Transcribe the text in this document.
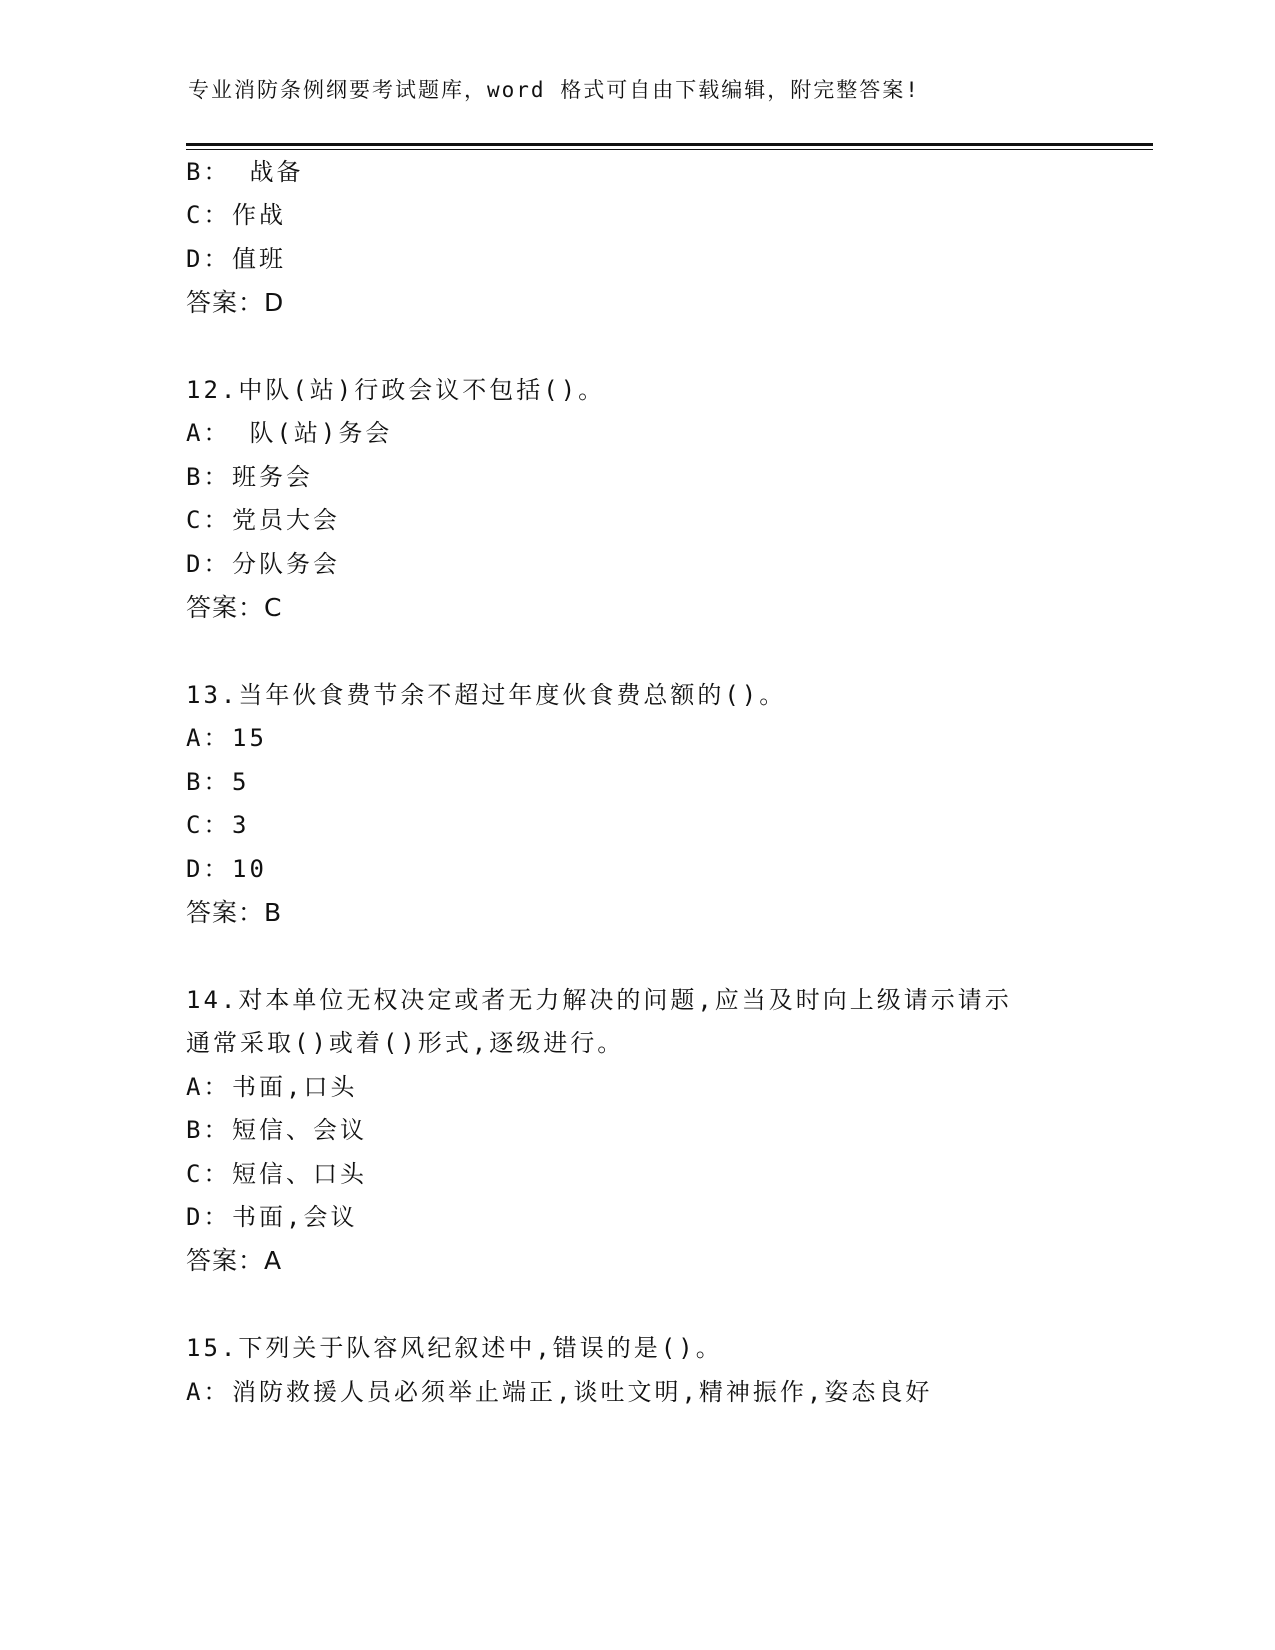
专业消防条例纲要考试题库，word 格式可自由下载编辑，附完整答案!
B： 战备
C：作战
D：值班
答案：D
12.中队(站)行政会议不包括()。
A： 队(站)务会
B：班务会
C：党员大会
D：分队务会
答案：C
13.当年伙食费节余不超过年度伙食费总额的()。
A：15
B：5
C：3
D：10
答案：B
14.对本单位无权决定或者无力解决的问题,应当及时向上级请示请示
通常采取()或着()形式,逐级进行。
A：书面,口头
B：短信、会议
C：短信、口头
D：书面,会议
答案：A
15.下列关于队容风纪叙述中,错误的是()。
A：消防救援人员必须举止端正,谈吐文明,精神振作,姿态良好
